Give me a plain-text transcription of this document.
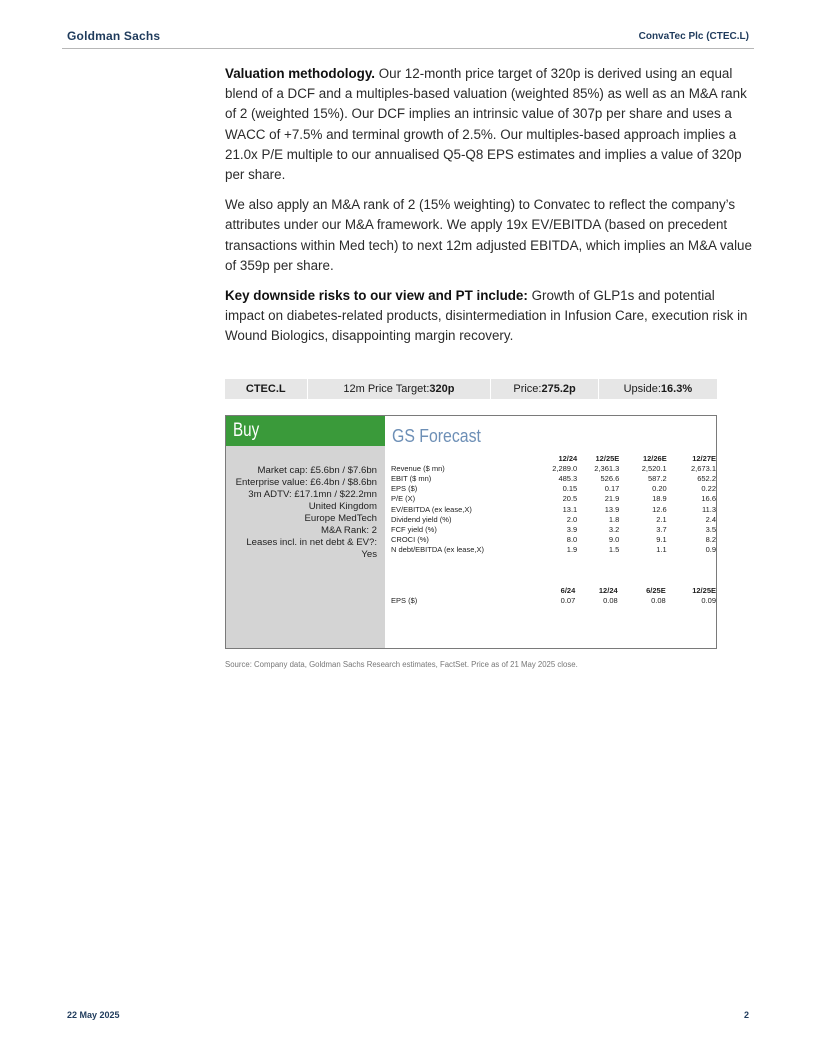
Goldman Sachs	ConvaTec Plc (CTEC.L)

Valuation methodology. Our 12-month price target of 320p is derived using an equal blend of a DCF and a multiples-based valuation (weighted 85%) as well as an M&A rank of 2 (weighted 15%). Our DCF implies an intrinsic value of 307p per share and uses a WACC of +7.5% and terminal growth of 2.5%. Our multiples-based approach implies a 21.0x P/E multiple to our annualised Q5-Q8 EPS estimates and implies a value of 320p per share.

We also apply an M&A rank of 2 (15% weighting) to Convatec to reflect the company’s attributes under our M&A framework. We apply 19x EV/EBITDA (based on precedent transactions within Med tech) to next 12m adjusted EBITDA, which implies an M&A value of 359p per share.

Key downside risks to our view and PT include: Growth of GLP1s and potential impact on diabetes-related products, disintermediation in Infusion Care, execution risk in Wound Biologics, disappointing margin recovery.

CTEC.L	12m Price Target: 320p	Price: 275.2p	Upside: 16.3%
Buy
Market cap: £5.6bn / $7.6bn
Enterprise value: £6.4bn / $8.6bn
3m ADTV: £17.1mn / $22.2mn
United Kingdom
Europe MedTech
M&A Rank: 2
Leases incl. in net debt & EV?:
Yes
GS Forecast
	12/24	12/25E	12/26E	12/27E
Revenue ($ mn)	2,289.0	2,361.3	2,520.1	2,673.1
EBIT ($ mn)	485.3	526.6	587.2	652.2
EPS ($)	0.15	0.17	0.20	0.22
P/E (X)	20.5	21.9	18.9	16.6
EV/EBITDA (ex lease,X)	13.1	13.9	12.6	11.3
Dividend yield (%)	2.0	1.8	2.1	2.4
FCF yield (%)	3.9	3.2	3.7	3.5
CROCI (%)	8.0	9.0	9.1	8.2
N debt/EBITDA (ex lease,X)	1.9	1.5	1.1	0.9
	6/24	12/24	6/25E	12/25E
EPS ($)	0.07	0.08	0.08	0.09
Source: Company data, Goldman Sachs Research estimates, FactSet. Price as of 21 May 2025 close.
22 May 2025	2
